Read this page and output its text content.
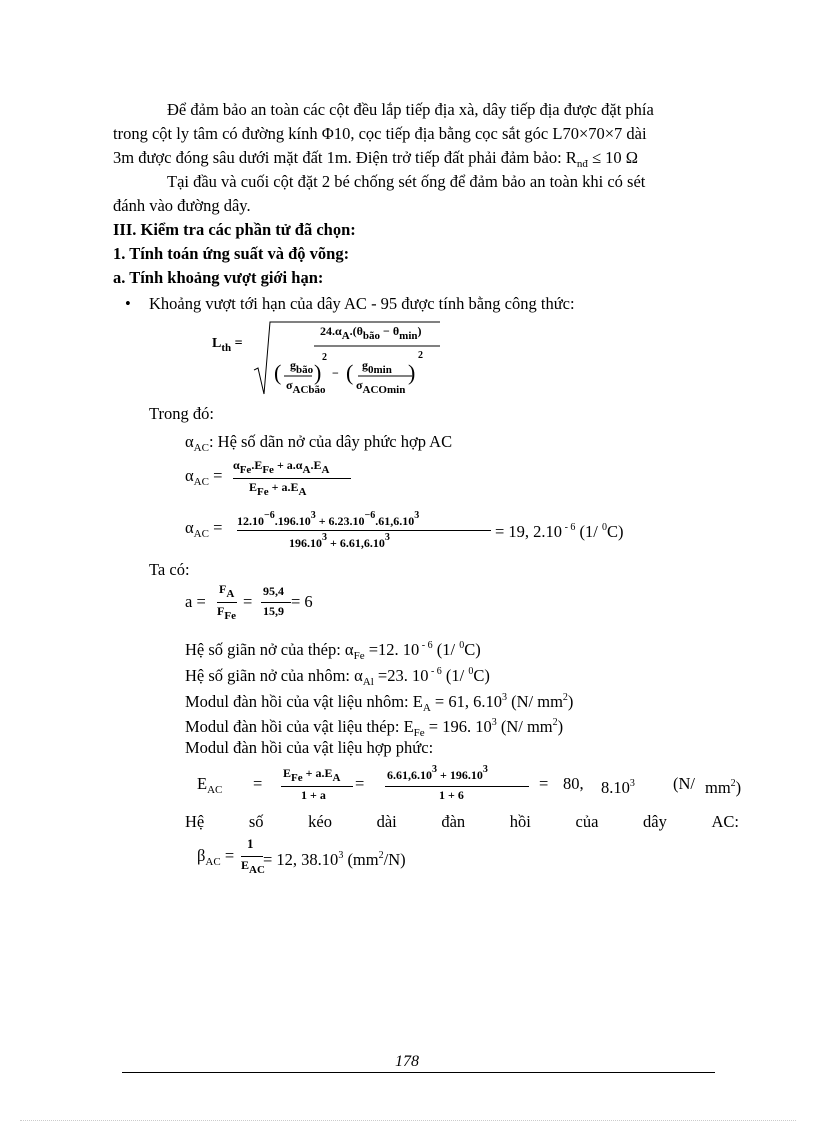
Để đảm bảo an toàn các cột đều lắp tiếp địa xà, dây tiếp địa được đặt phía
trong cột ly tâm có đường kính Φ10, cọc tiếp địa bằng cọc sắt góc L70×70×7 dài
3m được đóng sâu dưới mặt đất 1m. Điện trở tiếp đất phải đảm bảo: $R_{nđ} \le 10$ Ω
Tại đầu và cuối cột đặt 2 bé chống sét ống để đảm bảo an toàn khi có sét
đánh vào đường dây.
III. Kiểm tra các phần tử đã chọn:
1. Tính toán ứng suất và độ võng:
a. Tính khoảng vượt giới hạn:
• Khoảng vượt tới hạn của dây AC - 95 được tính bằng công thức:
$L_{th}$ =
24.αA.(θbão − θmin)
( gbão
σACbão
)
2
− ( g0min
σACOmin
)
2
Trong đó:
$\alpha_{AC}$: Hệ số dãn nở của dây phức hợp AC
$\alpha_{AC}$ =
αFe.EFe + a.αA.EA
EFe + a.EA
$\alpha_{AC} = 12.10^{-6}.196.10^3 + 6.23.10^{-6}.61,6.10^3$
$196.10^3 + 6.61,6.10^3$	= 19, 2.10 $^{- 6}$ (1/ $^0$C)
Ta có:
a =
FA
FFe
=
95,4
15,9 = 6
Hệ số giãn nở của thép: $\alpha_{Fe} =12$. 10 $^{- 6}$ (1/ $^0$C)
Hệ số giãn nở của nhôm: $\alpha_{Al} =23$. 10 $^{- 6}$ (1/ $^0$C)
Modul đàn hồi của vật liệu nhôm: $E_A = 61$, 6.10$^3$ (N/ $mm^2$)
Modul đàn hồi của vật liệu thép: $E_{Fe} = 196$. $10^3$ (N/ $mm^2$)
Modul đàn hồi của vật liệu hợp phức:
$E_{AC}$ =
EFe + a.EA
1 + a
= $6.61,6.10^3 + 196.10^3$
1 + 6
= 80, 8.10$^3$ (N/ $mm^2$)
Hệ	số	kéo	dài	đàn	hồi	của	dây	AC:
$\beta_{AC}$ =
1
EAC
= 12, 38.10$^3$ $(mm^2/N)$
178
